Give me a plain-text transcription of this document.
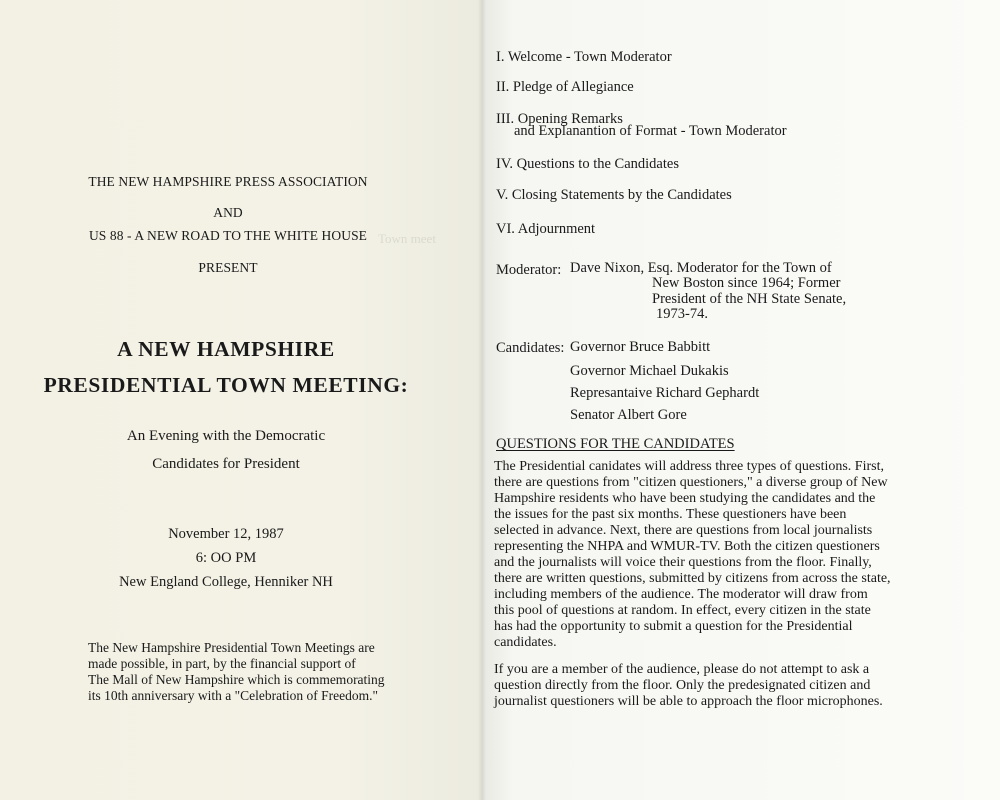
THE NEW HAMPSHIRE PRESS ASSOCIATION
AND
US 88 - A NEW ROAD TO THE WHITE HOUSE
PRESENT
A NEW HAMPSHIRE
PRESIDENTIAL TOWN MEETING:
An Evening with the Democratic
Candidates for President
November 12, 1987
6: OO PM
New England College, Henniker NH
The New Hampshire Presidential Town Meetings are
made possible, in part, by the financial support of
The Mall of New Hampshire which is commemorating
its 10th anniversary with a "Celebration of Freedom."
I. Welcome - Town Moderator
II. Pledge of Allegiance
III. Opening Remarks
and Explanantion of Format - Town Moderator
IV. Questions to the Candidates
V. Closing Statements by the Candidates
VI. Adjournment
Moderator: Dave Nixon, Esq. Moderator for the Town of
New Boston since 1964; Former
President of the NH State Senate,
1973-74.
Candidates: Governor Bruce Babbitt
Governor Michael Dukakis
Represantaive Richard Gephardt
Senator Albert Gore
QUESTIONS FOR THE CANDIDATES
The Presidential canidates will address three types of questions. First,
there are questions from "citizen questioners," a diverse group of New
Hampshire residents who have been studying the candidates and the
the issues for the past six months. These questioners have been
selected in advance. Next, there are questions from local journalists
representing the NHPA and WMUR-TV. Both the citizen questioners
and the journalists will voice their questions from the floor. Finally,
there are written questions, submitted by citizens from across the state,
including members of the audience. The moderator will draw from
this pool of questions at random. In effect, every citizen in the state
has had the opportunity to submit a question for the Presidential
candidates.
If you are a member of the audience, please do not attempt to ask a
question directly from the floor. Only the predesignated citizen and
journalist questioners will be able to approach the floor microphones.
